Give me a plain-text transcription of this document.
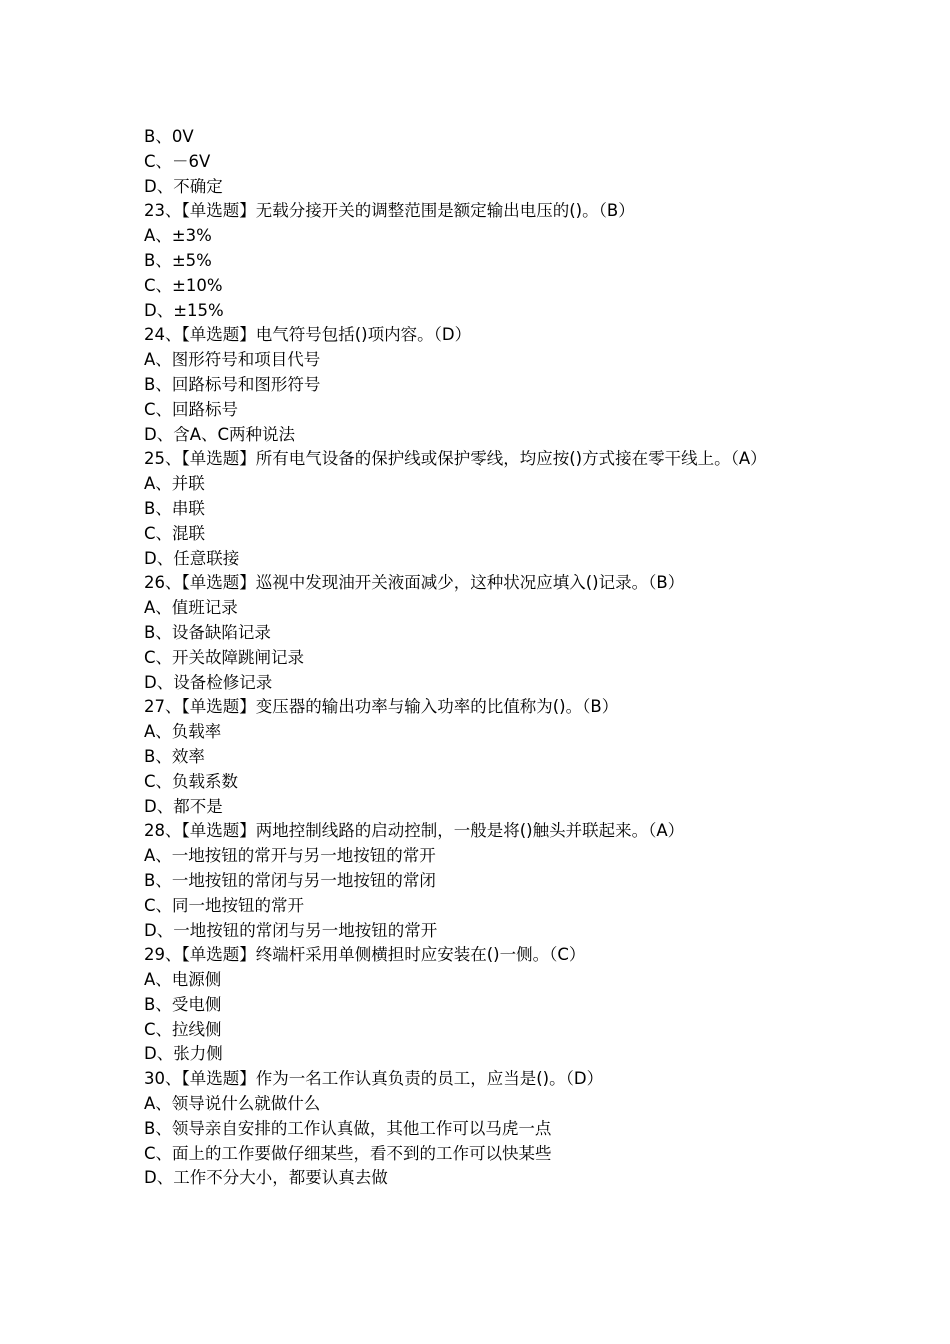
B、0V
C、－6V
D、不确定
23、【单选题】无载分接开关的调整范围是额定输出电压的()。（B）
A、±3%
B、±5%
C、±10%
D、±15%
24、【单选题】电气符号包括()项内容。（D）
A、图形符号和项目代号
B、回路标号和图形符号
C、回路标号
D、含A、C两种说法
25、【单选题】所有电气设备的保护线或保护零线，均应按()方式接在零干线上。（A）
A、并联
B、串联
C、混联
D、任意联接
26、【单选题】巡视中发现油开关液面减少，这种状况应填入()记录。（B）
A、值班记录
B、设备缺陷记录
C、开关故障跳闸记录
D、设备检修记录
27、【单选题】变压器的输出功率与输入功率的比值称为()。（B）
A、负载率
B、效率
C、负载系数
D、都不是
28、【单选题】两地控制线路的启动控制，一般是将()触头并联起来。（A）
A、一地按钮的常开与另一地按钮的常开
B、一地按钮的常闭与另一地按钮的常闭
C、同一地按钮的常开
D、一地按钮的常闭与另一地按钮的常开
29、【单选题】终端杆采用单侧横担时应安装在()一侧。（C）
A、电源侧
B、受电侧
C、拉线侧
D、张力侧
30、【单选题】作为一名工作认真负责的员工，应当是()。（D）
A、领导说什么就做什么
B、领导亲自安排的工作认真做，其他工作可以马虎一点
C、面上的工作要做仔细某些，看不到的工作可以快某些
D、工作不分大小，都要认真去做
